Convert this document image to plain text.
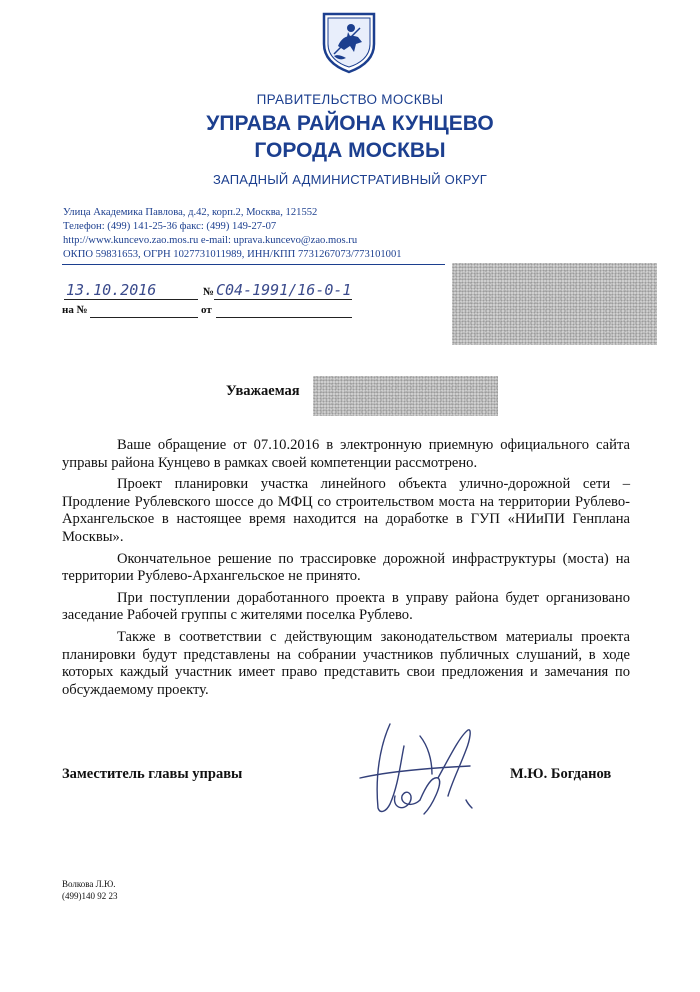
ПРАВИТЕЛЬСТВО МОСКВЫ
УПРАВА РАЙОНА КУНЦЕВО
ГОРОДА МОСКВЫ
ЗАПАДНЫЙ АДМИНИСТРАТИВНЫЙ ОКРУГ
Улица Академика Павлова, д.42, корп.2, Москва, 121552
Телефон: (499) 141-25-36 факс: (499) 149-27-07
http://www.kuncevo.zao.mos.ru e-mail: uprava.kuncevo@zao.mos.ru
ОКПО 59831653, ОГРН 1027731011989, ИНН/КПП 7731267073/773101001
13.10.2016	№ С04-1991/16-0-1
на №	от
Уважаемая

Ваше обращение от 07.10.2016 в электронную приемную официального сайта управы района Кунцево в рамках своей компетенции рассмотрено.

Проект планировки участка линейного объекта улично-дорожной сети – Продление Рублевского шоссе до МФЦ со строительством моста на территории Рублево-Архангельское в настоящее время находится на доработке в ГУП «НИиПИ Генплана Москвы».

Окончательное решение по трассировке дорожной инфраструктуры (моста) на территории Рублево-Архангельское не принято.

При поступлении доработанного проекта в управу района будет организовано заседание Рабочей группы с жителями поселка Рублево.

Также в соответствии с действующим законодательством материалы проекта планировки будут представлены на собрании участников публичных слушаний, в ходе которых каждый участник имеет право представить свои предложения и замечания по обсуждаемому проекту.

Заместитель главы управы	М.Ю. Богданов
Волкова Л.Ю.
(499)140 92 23
